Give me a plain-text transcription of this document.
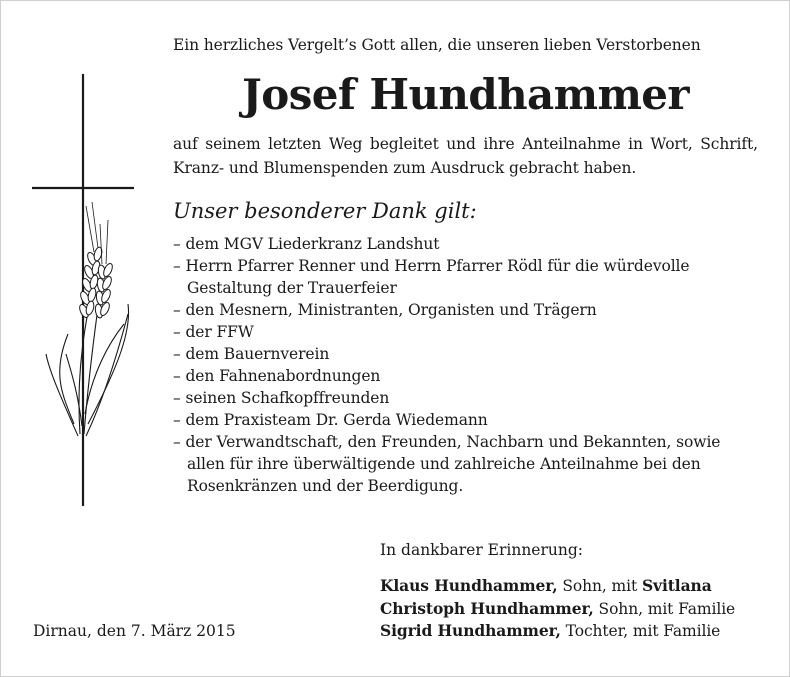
Ein herzliches Vergelt’s Gott allen, die unseren lieben Verstorbenen
Josef Hundhammer
auf seinem letzten Weg begleitet und ihre Anteilnahme in Wort, Schrift, Kranz- und Blumenspenden zum Ausdruck gebracht haben.
Unser besonderer Dank gilt:
– dem MGV Liederkranz Landshut
– Herrn Pfarrer Renner und Herrn Pfarrer Rödl für die würdevolle Gestaltung der Trauerfeier
– den Mesnern, Ministranten, Organisten und Trägern
– der FFW
– dem Bauernverein
– den Fahnenabordnungen
– seinen Schafkopffreunden
– dem Praxisteam Dr. Gerda Wiedemann
– der Verwandtschaft, den Freunden, Nachbarn und Bekannten, sowie allen für ihre überwältigende und zahlreiche Anteilnahme bei den Rosenkränzen und der Beerdigung.
In dankbarer Erinnerung:
Klaus Hundhammer, Sohn, mit Svitlana
Christoph Hundhammer, Sohn, mit Familie
Sigrid Hundhammer, Tochter, mit Familie
Dirnau, den 7. März 2015
